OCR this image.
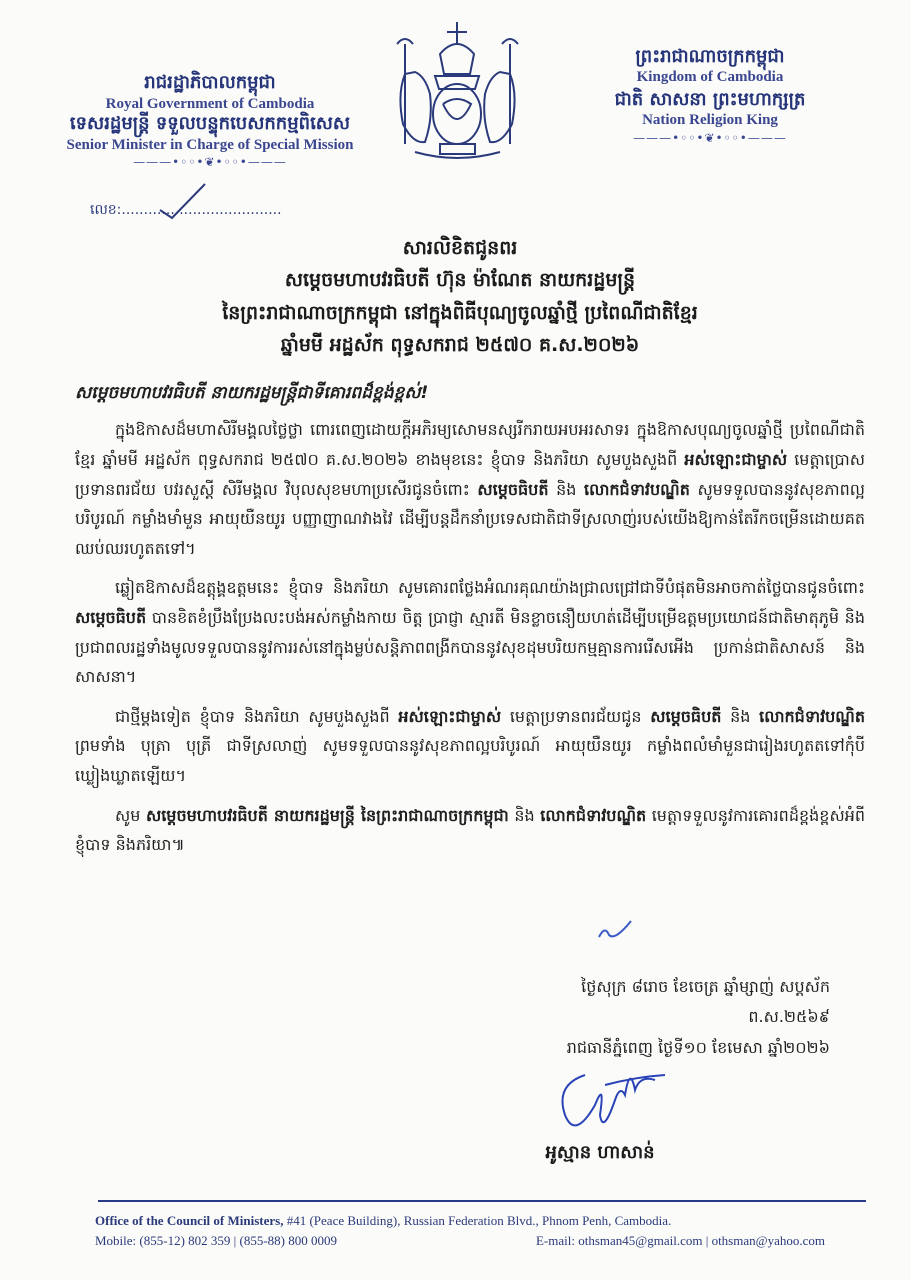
រាជរដ្ឋាភិបាលកម្ពុជា
Royal Government of Cambodia
ទេសរដ្ឋមន្ត្រី ទទួលបន្ទុកបេសកកម្មពិសេស
Senior Minister in Charge of Special Mission
———•◦◦•❦•◦◦•———
លេខ:....................................
ព្រះរាជាណាចក្រកម្ពុជា
Kingdom of Cambodia
ជាតិ សាសនា ព្រះមហាក្សត្រ
Nation Religion King
———•◦◦•❦•◦◦•———
សារលិខិតជូនពរ
សម្តេចមហាបវរធិបតី ហ៊ុន ម៉ាណែត នាយករដ្ឋមន្ត្រី
នៃព្រះរាជាណាចក្រកម្ពុជា នៅក្នុងពិធីបុណ្យចូលឆ្នាំថ្មី ប្រពៃណីជាតិខ្មែរ
ឆ្នាំមមី អដ្ឋស័ក ពុទ្ធសករាជ ២៥៧០ គ.ស.២០២៦
សម្តេចមហាបវរធិបតី នាយករដ្ឋមន្ត្រីជាទីគោរពដ៏ខ្ពង់ខ្ពស់!

ក្នុងឱកាសដ៏មហាសិរីមង្គលថ្លៃថ្លា ពោរពេញដោយក្តីអភិរម្យសោមនស្សរីករាយអបអរសាទរ ក្នុងឱកាសបុណ្យចូលឆ្នាំថ្មី ប្រពៃណីជាតិខ្មែរ ឆ្នាំមមី អដ្ឋស័ក ពុទ្ធសករាជ ២៥៧០ គ.ស.២០២៦ ខាងមុខនេះ ខ្ញុំបាទ និងភរិយា សូមបួងសួងពី អស់ឡោះជាម្ចាស់ មេត្តាប្រោសប្រទានពរជ័យ បវរសួស្តី សិរីមង្គល វិបុលសុខមហាប្រសើរជូនចំពោះ សម្តេចធិបតី និង លោកជំទាវបណ្ឌិត សូមទទួលបាននូវសុខភាពល្អបរិបូរណ៍ កម្លាំងមាំមួន អាយុយឺនយូរ បញ្ញាញាណវាងវៃ ដើម្បីបន្តដឹកនាំប្រទេសជាតិជាទីស្រលាញ់របស់យើងឱ្យកាន់តែរីកចម្រើនដោយគតឈប់ឈរហូតតទៅ។

ឆ្លៀតឱកាសដ៏ឧត្តុង្គឧត្តមនេះ ខ្ញុំបាទ និងភរិយា សូមគោរពថ្លែងអំណរគុណយ៉ាងជ្រាលជ្រៅជាទីបំផុតមិនអាចកាត់ថ្លៃបានជូនចំពោះ សម្តេចធិបតី បានខិតខំប្រឹងប្រែងលះបង់អស់កម្លាំងកាយ ចិត្ត ប្រាជ្ញា ស្មារតី មិនខ្លាចនឿយហត់ដើម្បីបម្រើឧត្តមប្រយោជន៍ជាតិមាតុភូមិ និងប្រជាពលរដ្ឋទាំងមូលទទួលបាននូវការរស់នៅក្នុងម្លប់សន្តិភាពពង្រីកបាននូវសុខដុមបរិយកម្មគ្មានការរើសអើង ប្រកាន់ជាតិសាសន៍ និងសាសនា។

ជាថ្មីម្តងទៀត ខ្ញុំបាទ និងភរិយា សូមបួងសួងពី អស់ឡោះជាម្ចាស់ មេត្តាប្រទានពរជ័យជូន សម្តេចធិបតី និង លោកជំទាវបណ្ឌិត ព្រមទាំង បុត្រា បុត្រី ជាទីស្រលាញ់ សូមទទួលបាននូវសុខភាពល្អបរិបូរណ៍ អាយុយឺនយូរ កម្លាំងពលំមាំមួនជារៀងរហូតតទៅកុំបីឃ្លៀងឃ្លាតឡើយ។

សូម សម្តេចមហាបវរធិបតី នាយករដ្ឋមន្ត្រី នៃព្រះរាជាណាចក្រកម្ពុជា និង លោកជំទាវបណ្ឌិត មេត្តាទទួលនូវការគោរពដ៏ខ្ពង់ខ្ពស់អំពីខ្ញុំបាទ និងភរិយា៕

ថ្ងៃសុក្រ ៨រោច ខែចេត្រ ឆ្នាំម្សាញ់ សប្តស័ក ព.ស.២៥៦៩
រាជធានីភ្នំពេញ ថ្ងៃទី១០ ខែមេសា ឆ្នាំ២០២៦
អូស្មាន ហាសាន់
Office of the Council of Ministers, #41 (Peace Building), Russian Federation Blvd., Phnom Penh, Cambodia.
Mobile: (855-12) 802 359 | (855-88) 800 0009	E-mail: othsman45@gmail.com | othsman@yahoo.com
